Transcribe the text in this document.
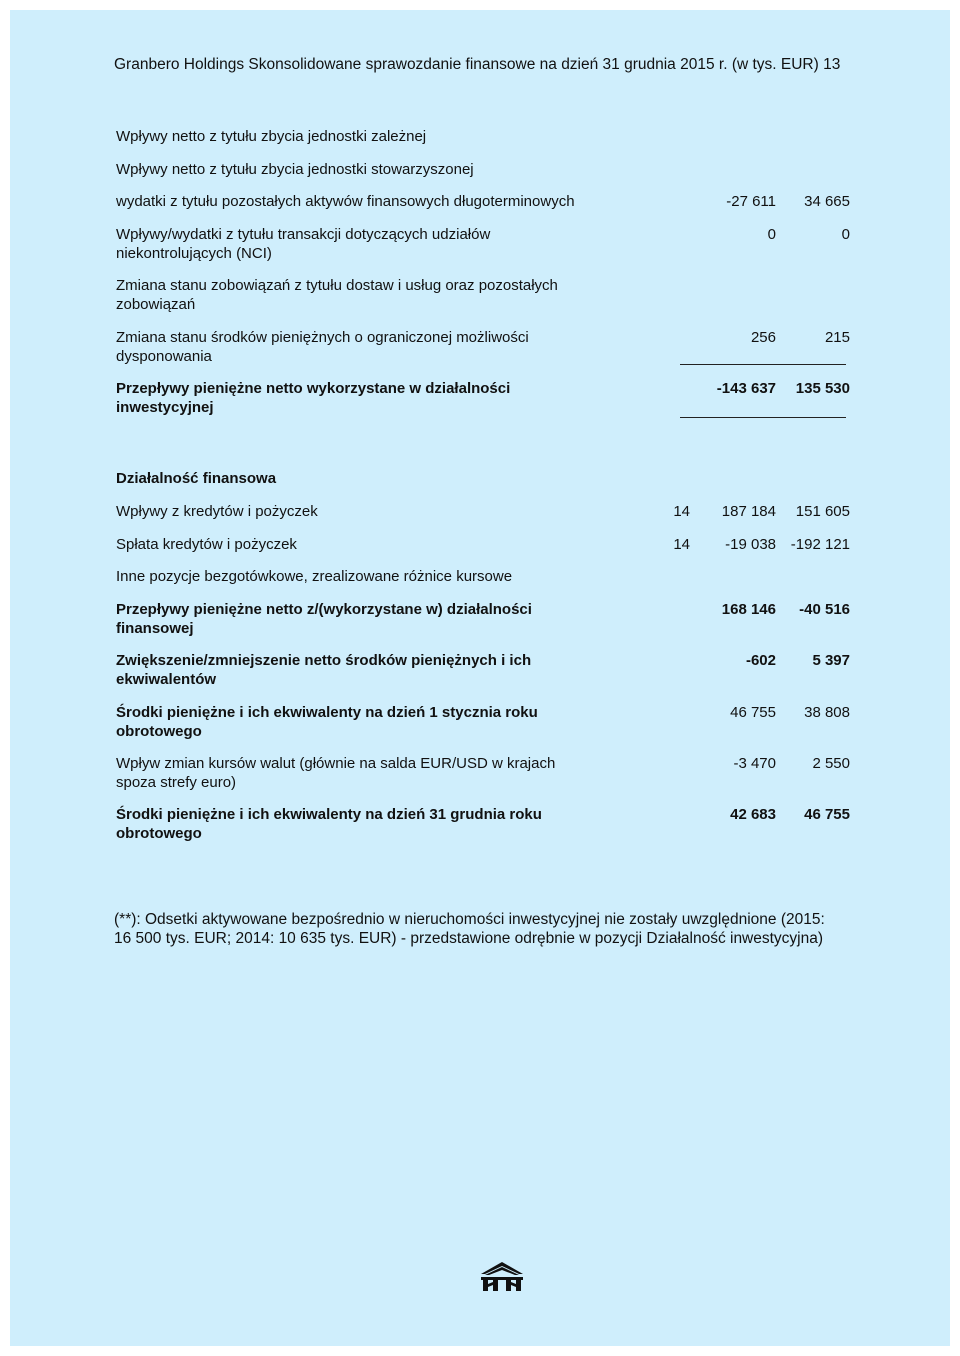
Granbero Holdings Skonsolidowane sprawozdanie finansowe na dzień 31 grudnia 2015 r. (w tys. EUR) 13
Wpływy netto z tytułu zbycia jednostki zależnej
Wpływy netto z tytułu zbycia jednostki stowarzyszonej
wydatki z tytułu pozostałych aktywów finansowych długoterminowych	-27 611	34 665
Wpływy/wydatki z tytułu transakcji dotyczących udziałów
niekontrolujących (NCI)
0	0
Zmiana stanu zobowiązań z tytułu dostaw i usług oraz pozostałych
zobowiązań
Zmiana stanu środków pieniężnych o ograniczonej możliwości
dysponowania
256	215
Przepływy pieniężne netto wykorzystane w działalności
inwestycyjnej
-143 637	135 530
Działalność finansowa
Wpływy z kredytów i pożyczek	14	187 184	151 605
Spłata kredytów i pożyczek	14	-19 038 -192 121
Inne pozycje bezgotówkowe, zrealizowane różnice kursowe
Przepływy pieniężne netto z/(wykorzystane w) działalności
finansowej
168 146	-40 516
Zwiększenie/zmniejszenie netto środków pieniężnych i ich
ekwiwalentów
-602	5 397
Środki pieniężne i ich ekwiwalenty na dzień 1 stycznia roku
obrotowego
46 755	38 808
Wpływ zmian kursów walut (głównie na salda EUR/USD w krajach
spoza strefy euro)
-3 470	2 550
Środki pieniężne i ich ekwiwalenty na dzień 31 grudnia roku
obrotowego
42 683	46 755
(**): Odsetki aktywowane bezpośrednio w nieruchomości inwestycyjnej nie zostały uwzględnione (2015: 16 500 tys. EUR; 2014: 10 635 tys. EUR) - przedstawione odrębnie w pozycji Działalność inwestycyjna)
